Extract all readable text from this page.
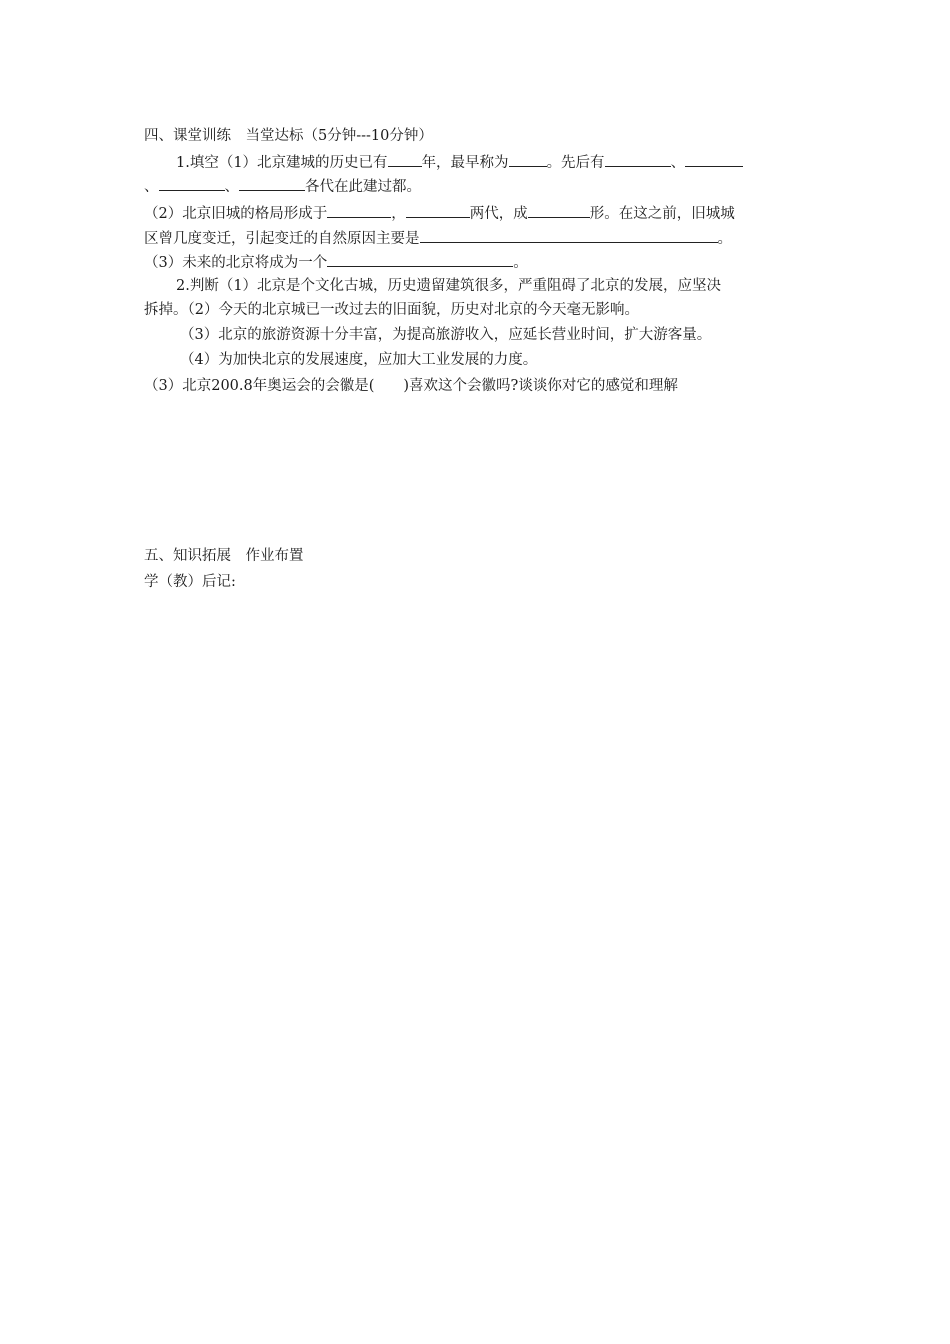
四、课堂训练　当堂达标（5分钟---10分钟）
1.填空（1）北京建城的历史已有 年，最早称为	。先后有	、
、	、	各代在此建过都。
（2）北京旧城的格局形成于	，	两代，成	形。在这之前，旧城城
区曾几度变迁，引起变迁的自然原因主要是	。
（3）未来的北京将成为一个	。
2.判断（1）北京是个文化古城，历史遗留建筑很多，严重阻碍了北京的发展，应坚决
拆掉。（2）今天的北京城已一改过去的旧面貌，历史对北京的今天毫无影响。
（3）北京的旅游资源十分丰富，为提高旅游收入，应延长营业时间，扩大游客量。
（4）为加快北京的发展速度，应加大工业发展的力度。
（3）北京200.8年奥运会的会徽是(　　)喜欢这个会徽吗?谈谈你对它的感觉和理解
五、知识拓展　作业布置
学（教）后记:
